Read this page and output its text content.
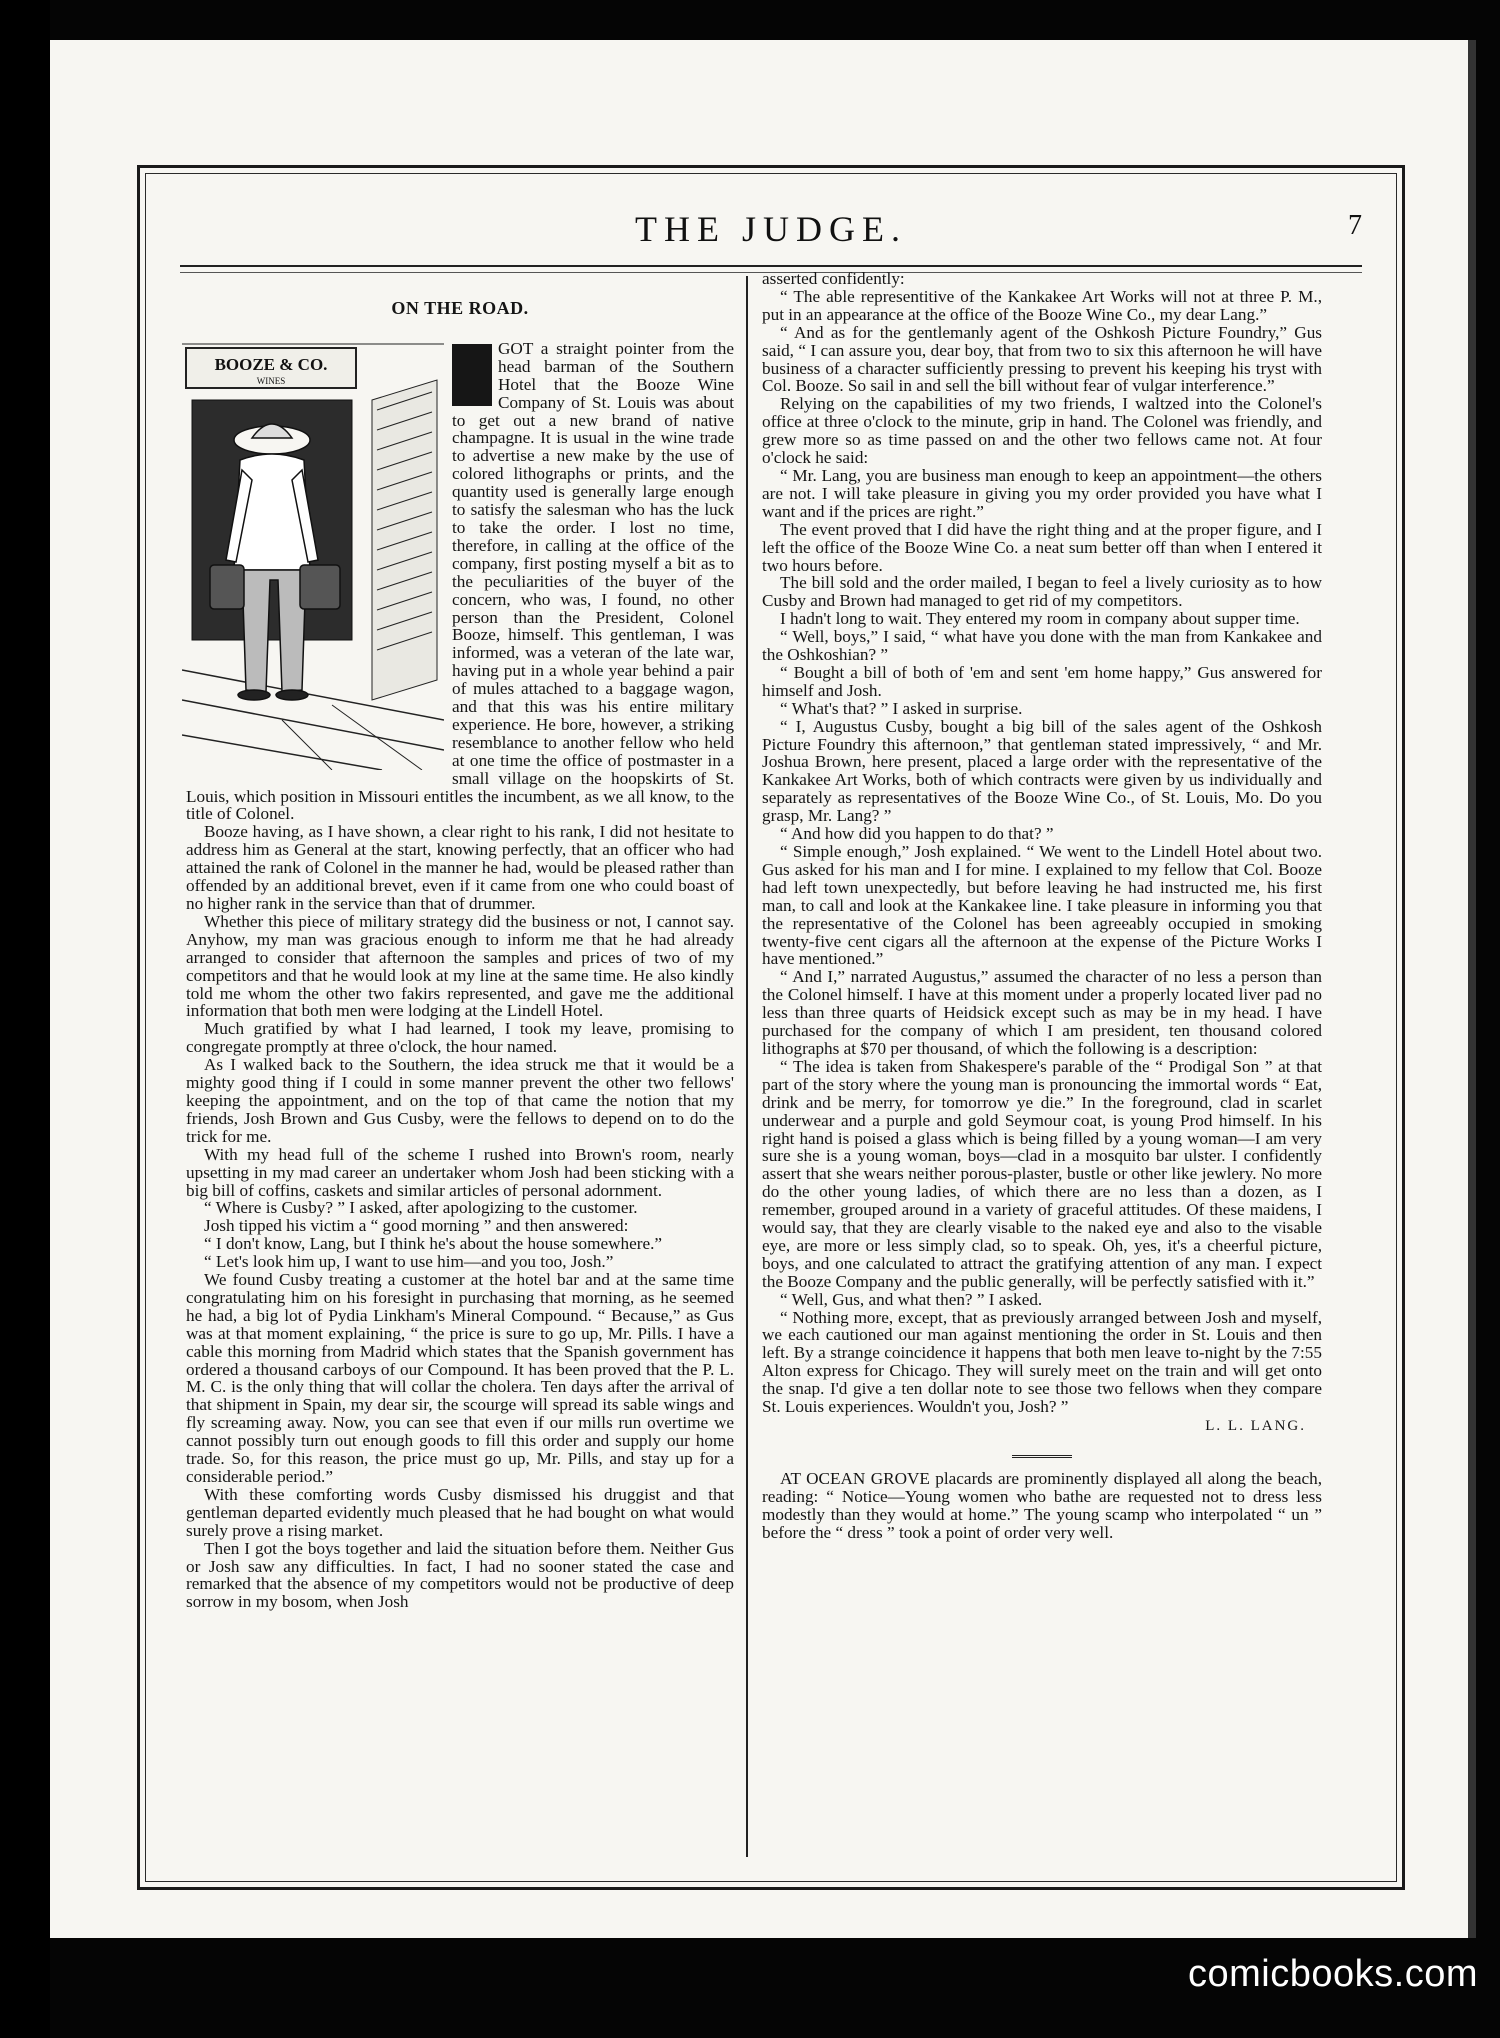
THE JUDGE.	7
ON THE ROAD.
BOOZE & CO.
WINES

GOT a straight pointer from the head barman of the Southern Hotel that the Booze Wine Company of St. Louis was about to get out a new brand of native champagne. It is usual in the wine trade to advertise a new make by the use of colored lithographs or prints, and the quantity used is generally large enough to satisfy the salesman who has the luck to take the order. I lost no time, therefore, in calling at the office of the company, first posting myself a bit as to the peculiarities of the buyer of the concern, who was, I found, no other person than the President, Colonel Booze, himself. This gentleman, I was informed, was a veteran of the late war, having put in a whole year behind a pair of mules attached to a baggage wagon, and that this was his entire military experience. He bore, however, a striking resemblance to another fellow who held at one time the office of postmaster in a small village on the hoopskirts of St. Louis, which position in Missouri entitles the incumbent, as we all know, to the title of Colonel.

Booze having, as I have shown, a clear right to his rank, I did not hesitate to address him as General at the start, knowing perfectly, that an officer who had attained the rank of Colonel in the manner he had, would be pleased rather than offended by an additional brevet, even if it came from one who could boast of no higher rank in the service than that of drummer.

Whether this piece of military strategy did the business or not, I cannot say. Anyhow, my man was gracious enough to inform me that he had already arranged to consider that afternoon the samples and prices of two of my competitors and that he would look at my line at the same time. He also kindly told me whom the other two fakirs represented, and gave me the additional information that both men were lodging at the Lindell Hotel.

Much gratified by what I had learned, I took my leave, promising to congregate promptly at three o'clock, the hour named.

As I walked back to the Southern, the idea struck me that it would be a mighty good thing if I could in some manner prevent the other two fellows' keeping the appointment, and on the top of that came the notion that my friends, Josh Brown and Gus Cusby, were the fellows to depend on to do the trick for me.

With my head full of the scheme I rushed into Brown's room, nearly upsetting in my mad career an undertaker whom Josh had been sticking with a big bill of coffins, caskets and similar articles of personal adornment.

“ Where is Cusby? ” I asked, after apologizing to the customer.

Josh tipped his victim a “ good morning ” and then answered:

“ I don't know, Lang, but I think he's about the house somewhere.”

“ Let's look him up, I want to use him—and you too, Josh.”

We found Cusby treating a customer at the hotel bar and at the same time congratulating him on his foresight in purchasing that morning, as he seemed he had, a big lot of Pydia Linkham's Mineral Compound. “ Because,” as Gus was at that moment explaining, “ the price is sure to go up, Mr. Pills. I have a cable this morning from Madrid which states that the Spanish government has ordered a thousand carboys of our Compound. It has been proved that the P. L. M. C. is the only thing that will collar the cholera. Ten days after the arrival of that shipment in Spain, my dear sir, the scourge will spread its sable wings and fly screaming away. Now, you can see that even if our mills run overtime we cannot possibly turn out enough goods to fill this order and supply our home trade. So, for this reason, the price must go up, Mr. Pills, and stay up for a considerable period.”

With these comforting words Cusby dismissed his druggist and that gentleman departed evidently much pleased that he had bought on what would surely prove a rising market.

Then I got the boys together and laid the situation before them. Neither Gus or Josh saw any difficulties. In fact, I had no sooner stated the case and remarked that the absence of my competitors would not be productive of deep sorrow in my bosom, when Josh

asserted confidently:

“ The able representitive of the Kankakee Art Works will not at three P. M., put in an appearance at the office of the Booze Wine Co., my dear Lang.”

“ And as for the gentlemanly agent of the Oshkosh Picture Foundry,” Gus said, “ I can assure you, dear boy, that from two to six this afternoon he will have business of a character sufficiently pressing to prevent his keeping his tryst with Col. Booze. So sail in and sell the bill without fear of vulgar interference.”

Relying on the capabilities of my two friends, I waltzed into the Colonel's office at three o'clock to the minute, grip in hand. The Colonel was friendly, and grew more so as time passed on and the other two fellows came not. At four o'clock he said:

“ Mr. Lang, you are business man enough to keep an appointment—the others are not. I will take pleasure in giving you my order provided you have what I want and if the prices are right.”

The event proved that I did have the right thing and at the proper figure, and I left the office of the Booze Wine Co. a neat sum better off than when I entered it two hours before.

The bill sold and the order mailed, I began to feel a lively curiosity as to how Cusby and Brown had managed to get rid of my competitors.

I hadn't long to wait. They entered my room in company about supper time.

“ Well, boys,” I said, “ what have you done with the man from Kankakee and the Oshkoshian? ”

“ Bought a bill of both of 'em and sent 'em home happy,” Gus answered for himself and Josh.

“ What's that? ” I asked in surprise.

“ I, Augustus Cusby, bought a big bill of the sales agent of the Oshkosh Picture Foundry this afternoon,” that gentleman stated impressively, “ and Mr. Joshua Brown, here present, placed a large order with the representative of the Kankakee Art Works, both of which contracts were given by us individually and separately as representatives of the Booze Wine Co., of St. Louis, Mo. Do you grasp, Mr. Lang? ”

“ And how did you happen to do that? ”

“ Simple enough,” Josh explained. “ We went to the Lindell Hotel about two. Gus asked for his man and I for mine. I explained to my fellow that Col. Booze had left town unexpectedly, but before leaving he had instructed me, his first man, to call and look at the Kankakee line. I take pleasure in informing you that the representative of the Colonel has been agreeably occupied in smoking twenty-five cent cigars all the afternoon at the expense of the Picture Works I have mentioned.”

“ And I,” narrated Augustus,” assumed the character of no less a person than the Colonel himself. I have at this moment under a properly located liver pad no less than three quarts of Heidsick except such as may be in my head. I have purchased for the company of which I am president, ten thousand colored lithographs at $70 per thousand, of which the following is a description:

“ The idea is taken from Shakespere's parable of the “ Prodigal Son ” at that part of the story where the young man is pronouncing the immortal words “ Eat, drink and be merry, for tomorrow ye die.” In the foreground, clad in scarlet underwear and a purple and gold Seymour coat, is young Prod himself. In his right hand is poised a glass which is being filled by a young woman—I am very sure she is a young woman, boys—clad in a mosquito bar ulster. I confidently assert that she wears neither porous-plaster, bustle or other like jewlery. No more do the other young ladies, of which there are no less than a dozen, as I remember, grouped around in a variety of graceful attitudes. Of these maidens, I would say, that they are clearly visable to the naked eye and also to the visable eye, are more or less simply clad, so to speak. Oh, yes, it's a cheerful picture, boys, and one calculated to attract the gratifying attention of any man. I expect the Booze Company and the public generally, will be perfectly satisfied with it.”

“ Well, Gus, and what then? ” I asked.

“ Nothing more, except, that as previously arranged between Josh and myself, we each cautioned our man against mentioning the order in St. Louis and then left. By a strange coincidence it happens that both men leave to-night by the 7:55 Alton express for Chicago. They will surely meet on the train and will get onto the snap. I'd give a ten dollar note to see those two fellows when they compare St. Louis experiences. Wouldn't you, Josh? ”

L. L. LANG.

AT OCEAN GROVE placards are prominently displayed all along the beach, reading: “ Notice—Young women who bathe are requested not to dress less modestly than they would at home.” The young scamp who interpolated “ un ” before the “ dress ” took a point of order very well.

comicbooks.com
